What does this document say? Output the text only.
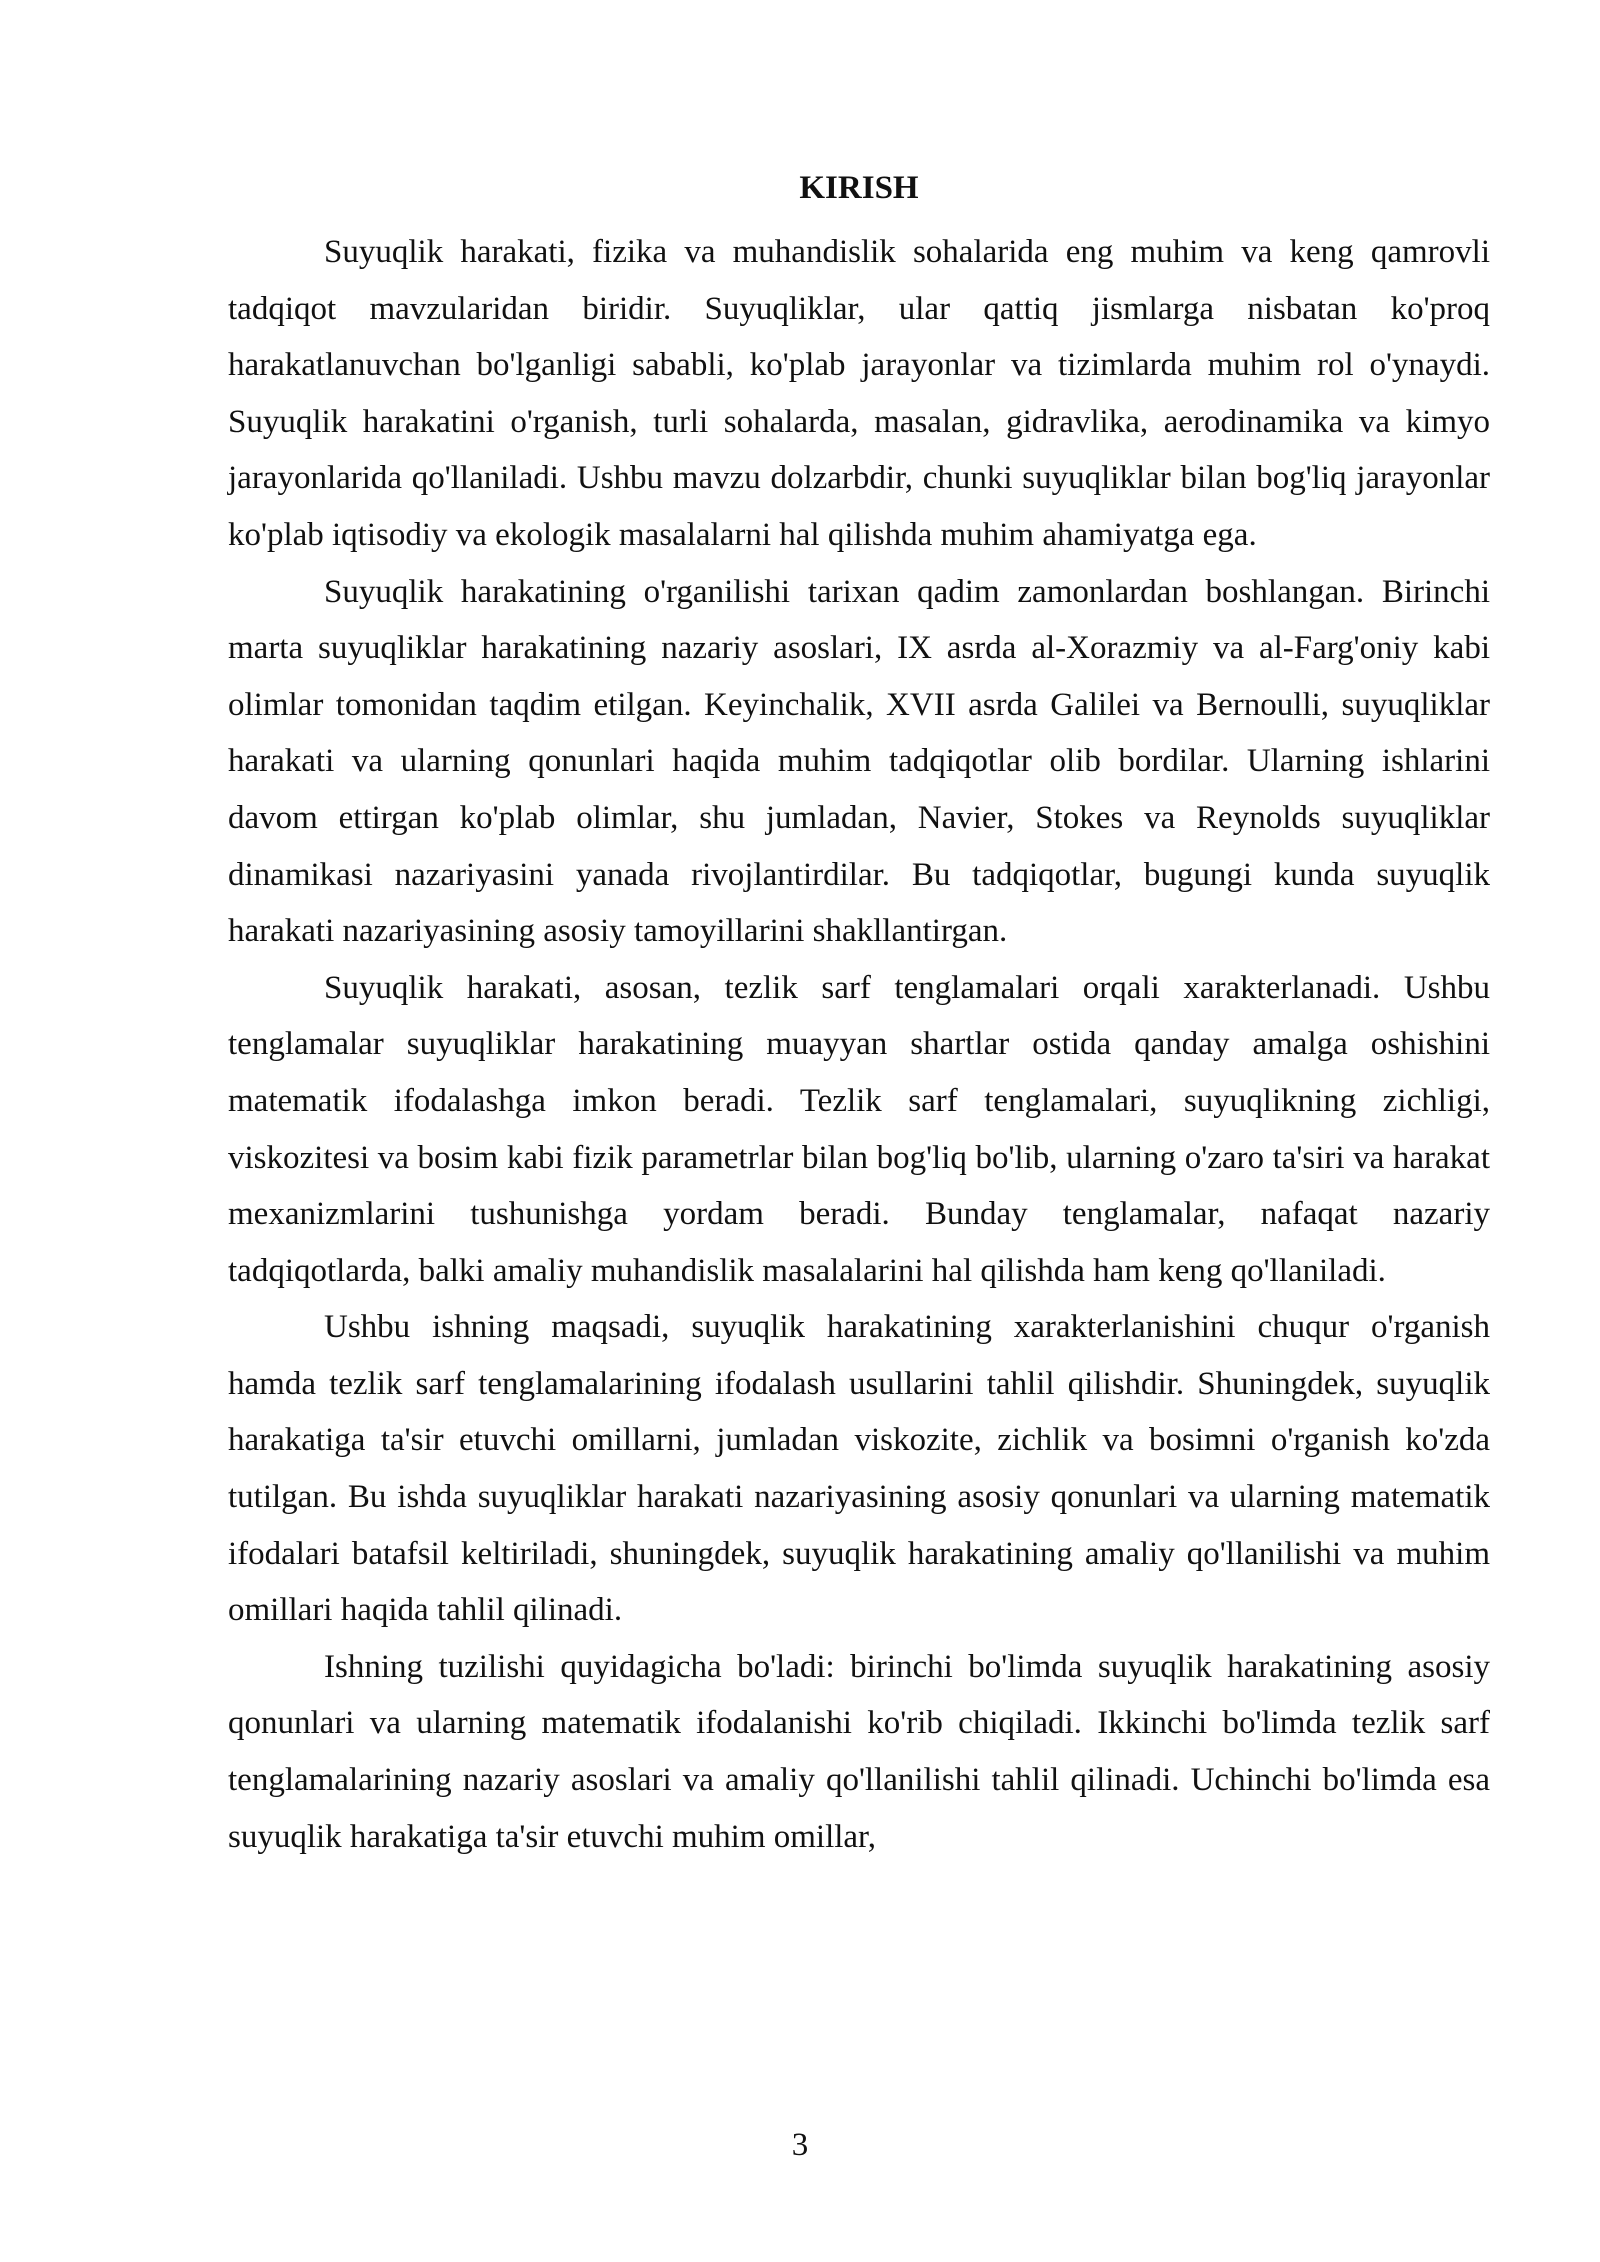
KIRISH

Suyuqlik harakati, fizika va muhandislik sohalarida eng muhim va keng qamrovli tadqiqot mavzularidan biridir. Suyuqliklar, ular qattiq jismlarga nisbatan ko'proq harakatlanuvchan bo'lganligi sababli, ko'plab jarayonlar va tizimlarda muhim rol o'ynaydi. Suyuqlik harakatini o'rganish, turli sohalarda, masalan, gidravlika, aerodinamika va kimyo jarayonlarida qo'llaniladi. Ushbu mavzu dolzarbdir, chunki suyuqliklar bilan bog'liq jarayonlar ko'plab iqtisodiy va ekologik masalalarni hal qilishda muhim ahamiyatga ega.

Suyuqlik harakatining o'rganilishi tarixan qadim zamonlardan boshlangan. Birinchi marta suyuqliklar harakatining nazariy asoslari, IX asrda al-Xorazmiy va al-Farg'oniy kabi olimlar tomonidan taqdim etilgan. Keyinchalik, XVII asrda Galilei va Bernoulli, suyuqliklar harakati va ularning qonunlari haqida muhim tadqiqotlar olib bordilar. Ularning ishlarini davom ettirgan ko'plab olimlar, shu jumladan, Navier, Stokes va Reynolds suyuqliklar dinamikasi nazariyasini yanada rivojlantirdilar. Bu tadqiqotlar, bugungi kunda suyuqlik harakati nazariyasining asosiy tamoyillarini shakllantirgan.

Suyuqlik harakati, asosan, tezlik sarf tenglamalari orqali xarakterlanadi. Ushbu tenglamalar suyuqliklar harakatining muayyan shartlar ostida qanday amalga oshishini matematik ifodalashga imkon beradi. Tezlik sarf tenglamalari, suyuqlikning zichligi, viskozitesi va bosim kabi fizik parametrlar bilan bog'liq bo'lib, ularning o'zaro ta'siri va harakat mexanizmlarini tushunishga yordam beradi. Bunday tenglamalar, nafaqat nazariy tadqiqotlarda, balki amaliy muhandislik masalalarini hal qilishda ham keng qo'llaniladi.

Ushbu ishning maqsadi, suyuqlik harakatining xarakterlanishini chuqur o'rganish hamda tezlik sarf tenglamalarining ifodalash usullarini tahlil qilishdir. Shuningdek, suyuqlik harakatiga ta'sir etuvchi omillarni, jumladan viskozite, zichlik va bosimni o'rganish ko'zda tutilgan. Bu ishda suyuqliklar harakati nazariyasining asosiy qonunlari va ularning matematik ifodalari batafsil keltiriladi, shuningdek, suyuqlik harakatining amaliy qo'llanilishi va muhim omillari haqida tahlil qilinadi.

Ishning tuzilishi quyidagicha bo'ladi: birinchi bo'limda suyuqlik harakatining asosiy qonunlari va ularning matematik ifodalanishi ko'rib chiqiladi. Ikkinchi bo'limda tezlik sarf tenglamalarining nazariy asoslari va amaliy qo'llanilishi tahlil qilinadi. Uchinchi bo'limda esa suyuqlik harakatiga ta'sir etuvchi muhim omillar,

3
